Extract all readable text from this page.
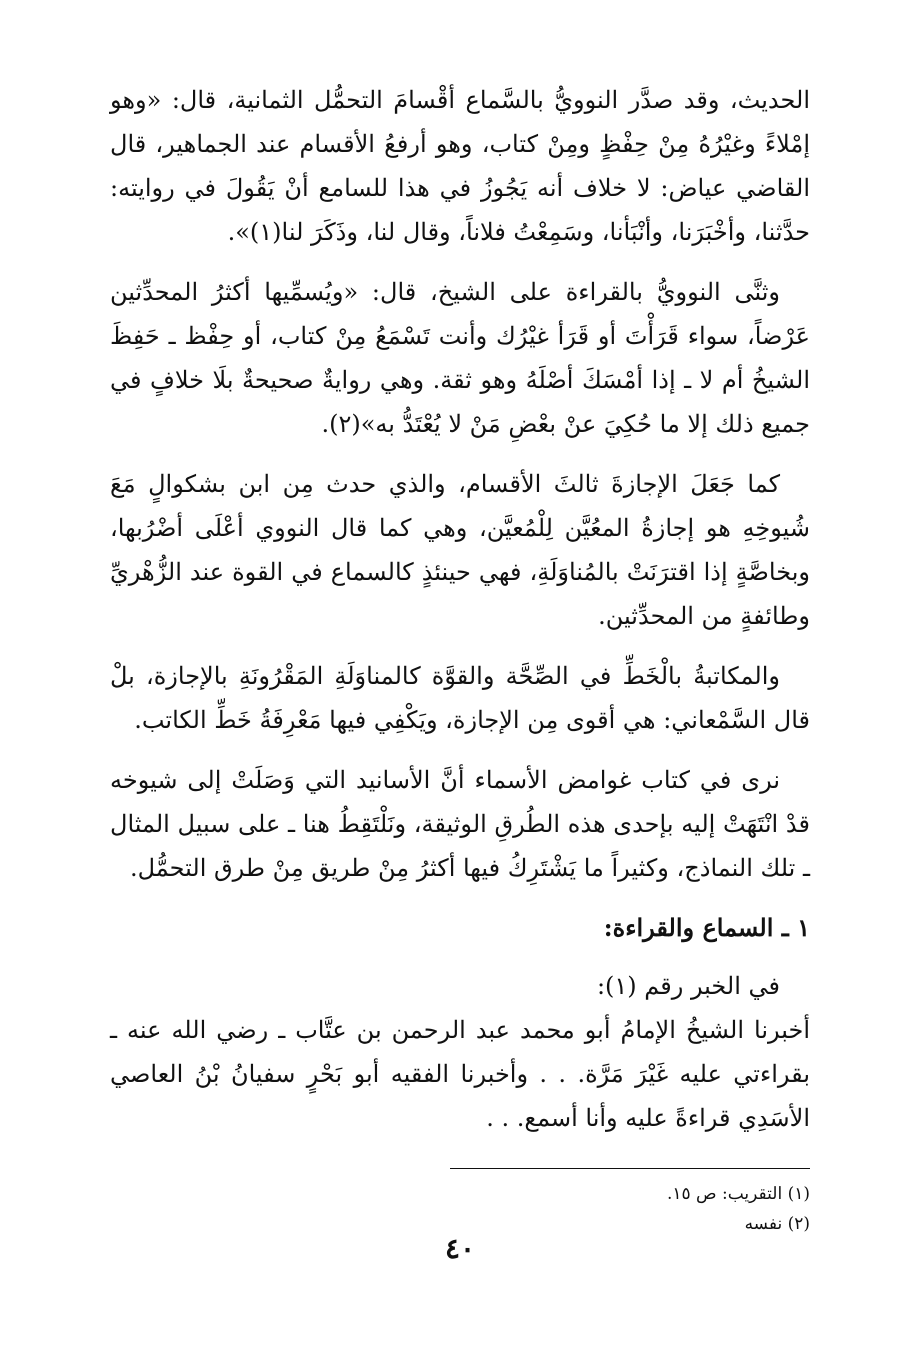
الحديث، وقد صدَّر النوويُّ بالسَّماع أقْسامَ التحمُّل الثمانية، قال: «وهو إمْلاءً وغيْرُهُ مِنْ حِفْظٍ ومِنْ كتاب، وهو أرفعُ الأقسام عند الجماهير، قال القاضي عياض: لا خلاف أنه يَجُوزُ في هذا للسامع أنْ يَقُولَ في روايته: حدَّثنا، وأخْبَرَنا، وأنْبَأنا، وسَمِعْتُ فلاناً، وقال لنا، وذَكَرَ لنا(١)».

وثنَّى النوويُّ بالقراءة على الشيخ، قال: «ويُسمِّيها أكثرُ المحدِّثين عَرْضاً، سواء قَرَأْتَ أو قَرَأ غيْرُك وأنت تَسْمَعُ مِنْ كتاب، أو حِفْظ ـ حَفِظَ الشيخُ أم لا ـ إذا أمْسَكَ أصْلَهُ وهو ثقة. وهي روايةٌ صحيحةٌ بلَا خلافٍ في جميع ذلك إلا ما حُكِيَ عنْ بعْضِ مَنْ لا يُعْتَدُّ به»(٢).

كما جَعَلَ الإجازةَ ثالثَ الأقسام، والذي حدث مِن ابن بشكوالٍ مَعَ شُيوخِهِ هو إجازةُ المعُيَّن لِلْمُعيَّن، وهي كما قال النووي أعْلَى أضْرُبها، وبخاصَّةٍ إذا اقترَنَتْ بالمُناوَلَةِ، فهي حينئذٍ كالسماع في القوة عند الزُّهْريِّ وطائفةٍ من المحدِّثين.

والمكاتبةُ بالْخَطِّ في الصِّحَّة والقوَّة كالمناوَلَةِ المَقْرُونَةِ بالإجازة، بلْ قال السَّمْعاني: هي أقوى مِن الإجازة، ويَكْفِي فيها مَعْرِفَةُ خَطِّ الكاتب.

نرى في كتاب غوامض الأسماء أنَّ الأسانيد التي وَصَلَتْ إلى شيوخه قدْ انْتَهَتْ إليه بإحدى هذه الطُرقِ الوثيقة، ونَلْتَقِطُ هنا ـ على سبيل المثال ـ تلك النماذج، وكثيراً ما يَشْتَرِكُ فيها أكثرُ مِنْ طريق مِنْ طرق التحمُّل.

١ ـ السماع والقراءة:

في الخبر رقم (١):

أخبرنا الشيخُ الإمامُ أبو محمد عبد الرحمن بن عتَّاب ـ رضي الله عنه ـ بقراءتي عليه غَيْرَ مَرَّة. . . وأخبرنا الفقيه أبو بَحْرٍ سفيانُ بْنُ العاصي الأسَدِي قراءةً عليه وأنا أسمع. . .

(١) التقريب: ص ١٥.

(٢) نفسه

٤٠
